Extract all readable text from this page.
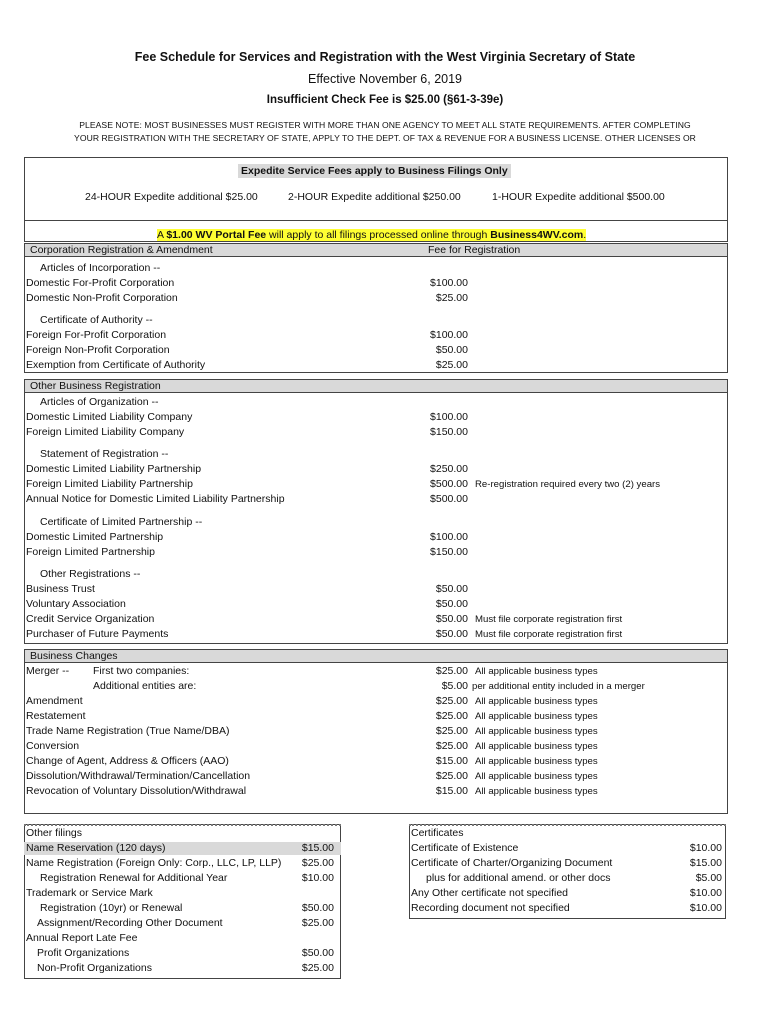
Fee Schedule for Services and Registration with the West Virginia Secretary of State
Effective November 6, 2019
Insufficient Check Fee is $25.00 (§61-3-39e)
PLEASE NOTE: MOST BUSINESSES MUST REGISTER WITH MORE THAN ONE AGENCY TO MEET ALL STATE REQUIREMENTS. AFTER COMPLETING
YOUR REGISTRATION WITH THE SECRETARY OF STATE, APPLY TO THE DEPT. OF TAX & REVENUE FOR A BUSINESS LICENSE. OTHER LICENSES OR
Expedite Service Fees apply to Business Filings Only
24-HOUR Expedite additional $25.00	2-HOUR Expedite additional $250.00	1-HOUR Expedite additional $500.00
A $1.00 WV Portal Fee will apply to all filings processed online through Business4WV.com.
Corporation Registration & Amendment	Fee for Registration
Articles of Incorporation --
Domestic For-Profit Corporation	$100.00
Domestic Non-Profit Corporation	$25.00
Certificate of Authority --
Foreign For-Profit Corporation	$100.00
Foreign Non-Profit Corporation	$50.00
Exemption from Certificate of Authority	$25.00
Other Business Registration
Articles of Organization --
Domestic Limited Liability Company	$100.00
Foreign Limited Liability Company	$150.00
Statement of Registration --
Domestic Limited Liability Partnership	$250.00
Foreign Limited Liability Partnership	$500.00 Re-registration required every two (2) years
Annual Notice for Domestic Limited Liability Partnership	$500.00
Certificate of Limited Partnership --
Domestic Limited Partnership	$100.00
Foreign Limited Partnership	$150.00
Other Registrations --
Business Trust	$50.00
Voluntary Association	$50.00
Credit Service Organization	$50.00 Must file corporate registration first
Purchaser of Future Payments	$50.00 Must file corporate registration first
Business Changes
Merger -- First two companies:	$25.00 All applicable business types
Additional entities are:	$5.00 per additional entity included in a merger
Amendment	$25.00 All applicable business types
Restatement	$25.00 All applicable business types
Trade Name Registration (True Name/DBA)	$25.00 All applicable business types
Conversion	$25.00 All applicable business types
Change of Agent, Address & Officers (AAO)	$15.00 All applicable business types
Dissolution/Withdrawal/Termination/Cancellation	$25.00 All applicable business types
Revocation of Voluntary Dissolution/Withdrawal	$15.00 All applicable business types
Other filings
Name Reservation (120 days)	$15.00
Name Registration (Foreign Only: Corp., LLC, LP, LLP)	$25.00
Registration Renewal for Additional Year	$10.00
Trademark or Service Mark
Registration (10yr) or Renewal	$50.00
Assignment/Recording Other Document	$25.00
Annual Report Late Fee
Profit Organizations	$50.00
Non-Profit Organizations	$25.00
Certificates
Certificate of Existence	$10.00
Certificate of Charter/Organizing Document	$15.00
plus for additional amend. or other docs	$5.00
Any Other certificate not specified	$10.00
Recording document not specified	$10.00
